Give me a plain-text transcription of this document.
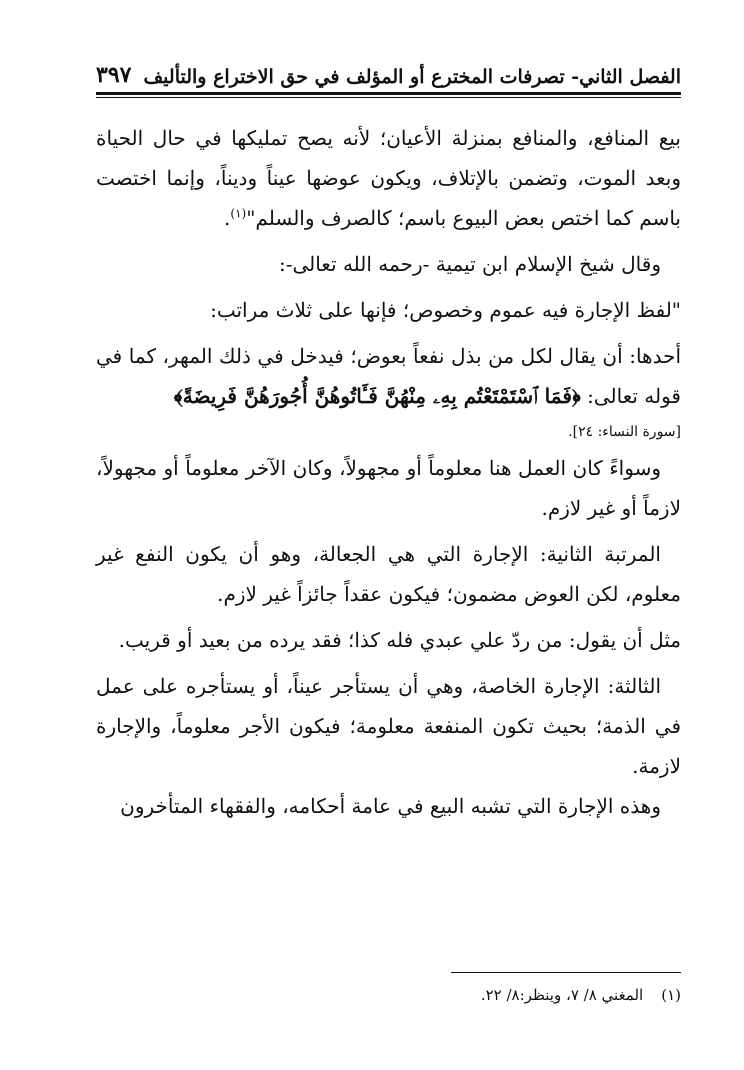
الفصل الثاني- تصرفات المخترع أو المؤلف في حق الاختراع والتأليف
٣٩٧

بيع المنافع، والمنافع بمنزلة الأعيان؛ لأنه يصح تمليكها في حال الحياة وبعد الموت، وتضمن بالإتلاف، ويكون عوضها عيناً وديناً، وإنما اختصت باسم كما اختص بعض البيوع باسم؛ كالصرف والسلم"$^{(١)}$.

وقال شيخ الإسلام ابن تيمية -رحمه الله تعالى-:

"لفظ الإجارة فيه عموم وخصوص؛ فإنها على ثلاث مراتب:

أحدها: أن يقال لكل من بذل نفعاً بعوض؛ فيدخل في ذلك المهر، كما في قوله تعالى: ﴿فَمَا ٱسْتَمْتَعْتُم بِهِۦ مِنْهُنَّ فَـَٔاتُوهُنَّ أُجُورَهُنَّ فَرِيضَةً﴾

[سورة النساء: ٢٤].

وسواءً كان العمل هنا معلوماً أو مجهولاً، وكان الآخر معلوماً أو مجهولاً، لازماً أو غير لازم.

المرتبة الثانية: الإجارة التي هي الجعالة، وهو أن يكون النفع غير معلوم، لكن العوض مضمون؛ فيكون عقداً جائزاً غير لازم.

مثل أن يقول: من ردّ علي عبدي فله كذا؛ فقد يرده من بعيد أو قريب.

الثالثة: الإجارة الخاصة، وهي أن يستأجر عيناً، أو يستأجره على عمل في الذمة؛ بحيث تكون المنفعة معلومة؛ فيكون الأجر معلوماً، والإجارة لازمة.

وهذه الإجارة التي تشبه البيع في عامة أحكامه، والفقهاء المتأخرون

(١)المغني ٨/ ٧، وينظر:٨/ ٢٢.
